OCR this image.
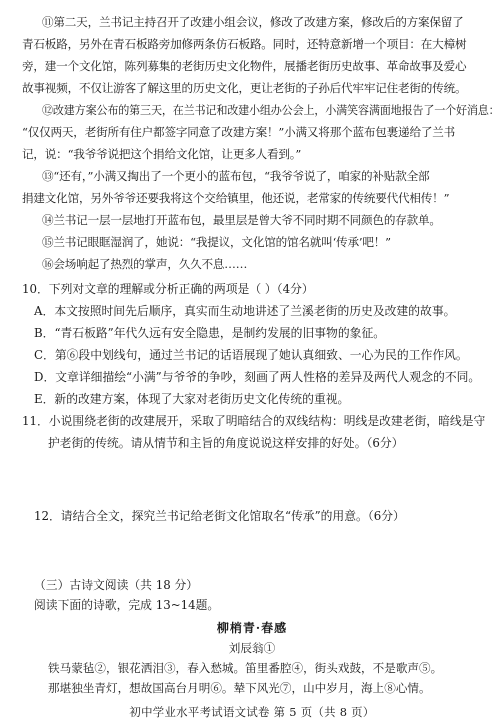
⑪第二天，兰书记主持召开了改建小组会议，修改了改建方案，修改后的方案保留了
青石板路，另外在青石板路旁加修两条仿石板路。同时，还特意新增一个项目：在大樟树
旁，建一个文化馆，陈列募集的老街历史文化物件，展播老街历史故事、革命故事及爱心
故事视频，不仅让游客了解这里的历史文化，更让老街的子孙后代牢牢记住老街的传统。
⑫改建方案公布的第三天，在兰书记和改建小组办公会上，小满笑容满面地报告了一个好消息：
“仅仅两天，老街所有住户都签字同意了改建方案！”小满又将那个蓝布包裹递给了兰书
记，说：“我爷爷说把这个捐给文化馆，让更多人看到。”
⑬“还有，”小满又掏出了一个更小的蓝布包，“我爷爷说了，咱家的补贴款全部
捐建文化馆，另外爷爷还要我将这个交给镇里，他还说，老常家的传统要代代相传！”
⑭兰书记一层一层地打开蓝布包，最里层是曾大爷不同时期不同颜色的存款单。
⑮兰书记眼眶湿润了，她说：“我提议，文化馆的馆名就叫‘传承’吧！”
⑯会场响起了热烈的掌声，久久不息……
10．下列对文章的理解或分析正确的两项是（ ）（4分）
A．本文按照时间先后顺序，真实而生动地讲述了兰溪老街的历史及改建的故事。
B．“青石板路”年代久远有安全隐患，是制约发展的旧事物的象征。
C．第⑥段中划线句，通过兰书记的话语展现了她认真细致、一心为民的工作作风。
D．文章详细描绘“小满”与爷爷的争吵，刻画了两人性格的差异及两代人观念的不同。
E．新的改建方案，体现了大家对老街历史文化传统的重视。
11．小说围绕老街的改建展开，采取了明暗结合的双线结构：明线是改建老街，暗线是守
护老街的传统。请从情节和主旨的角度说说这样安排的好处。（6分）
12．请结合全文，探究兰书记给老街文化馆取名“传承”的用意。（6分）
（三）古诗文阅读（共 18 分）
阅读下面的诗歌，完成 13~14题。
柳梢青·春感
刘辰翁①
铁马蒙毡②，银花洒泪③，春入愁城。笛里番腔④，街头戏鼓，不是歌声⑤。
那堪独坐青灯，想故国高台月明⑥。辇下风光⑦，山中岁月，海上⑧心情。
初中学业水平考试语文试卷 第 5 页（共 8 页）
